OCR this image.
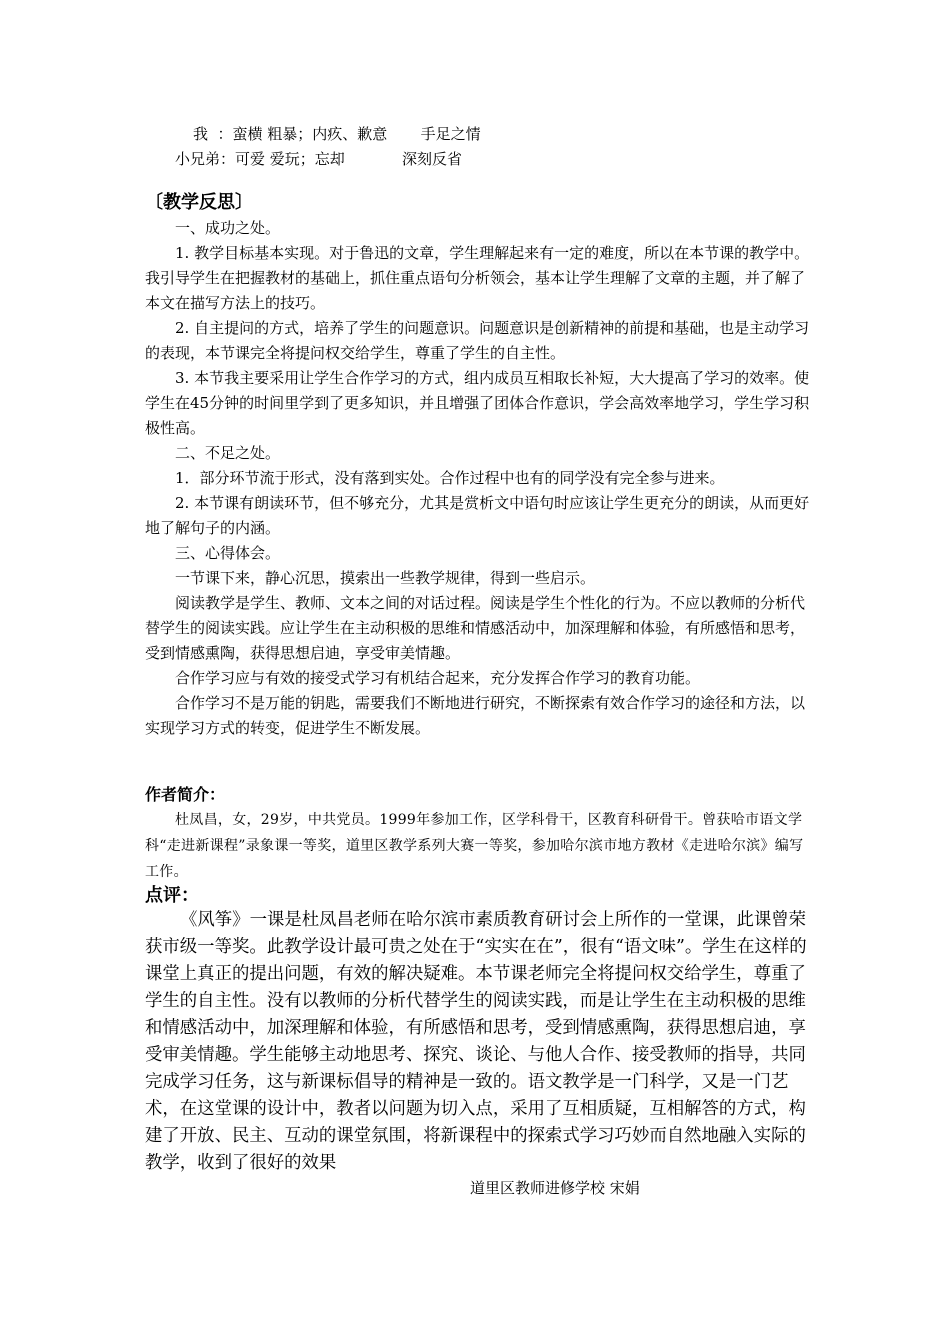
我  ：蛮横 粗暴；内疚、歉意       手足之情

小兄弟：可爱 爱玩；忘却            深刻反省

〔教学反思〕

一、成功之处。

1. 教学目标基本实现。对于鲁迅的文章，学生理解起来有一定的难度，所以在本节课的教学中。我引导学生在把握教材的基础上，抓住重点语句分析领会，基本让学生理解了文章的主题，并了解了本文在描写方法上的技巧。

2. 自主提问的方式，培养了学生的问题意识。问题意识是创新精神的前提和基础，也是主动学习的表现，本节课完全将提问权交给学生，尊重了学生的自主性。

3. 本节我主要采用让学生合作学习的方式，组内成员互相取长补短，大大提高了学习的效率。使学生在45分钟的时间里学到了更多知识，并且增强了团体合作意识，学会高效率地学习，学生学习积极性高。

二、不足之处。

1．部分环节流于形式，没有落到实处。合作过程中也有的同学没有完全参与进来。

2. 本节课有朗读环节，但不够充分，尤其是赏析文中语句时应该让学生更充分的朗读，从而更好地了解句子的内涵。

三、心得体会。

一节课下来，静心沉思，摸索出一些教学规律，得到一些启示。

阅读教学是学生、教师、文本之间的对话过程。阅读是学生个性化的行为。不应以教师的分析代替学生的阅读实践。应让学生在主动积极的思维和情感活动中，加深理解和体验，有所感悟和思考，受到情感熏陶，获得思想启迪，享受审美情趣。

合作学习应与有效的接受式学习有机结合起来，充分发挥合作学习的教育功能。

合作学习不是万能的钥匙，需要我们不断地进行研究，不断探索有效合作学习的途径和方法，以实现学习方式的转变，促进学生不断发展。

作者简介：

杜凤昌，女，29岁，中共党员。1999年参加工作，区学科骨干，区教育科研骨干。曾获哈市语文学科“走进新课程”录象课一等奖，道里区教学系列大赛一等奖，参加哈尔滨市地方教材《走进哈尔滨》编写工作。

点评：

《风筝》一课是杜凤昌老师在哈尔滨市素质教育研讨会上所作的一堂课，此课曾荣获市级一等奖。此教学设计最可贵之处在于“实实在在”，很有“语文味”。学生在这样的课堂上真正的提出问题，有效的解决疑难。本节课老师完全将提问权交给学生，尊重了学生的自主性。没有以教师的分析代替学生的阅读实践，而是让学生在主动积极的思维和情感活动中，加深理解和体验，有所感悟和思考，受到情感熏陶，获得思想启迪，享受审美情趣。学生能够主动地思考、探究、谈论、与他人合作、接受教师的指导，共同完成学习任务，这与新课标倡导的精神是一致的。语文教学是一门科学，又是一门艺术，在这堂课的设计中，教者以问题为切入点，采用了互相质疑，互相解答的方式，构建了开放、民主、互动的课堂氛围，将新课程中的探索式学习巧妙而自然地融入实际的教学，收到了很好的效果

道里区教师进修学校 宋娟
